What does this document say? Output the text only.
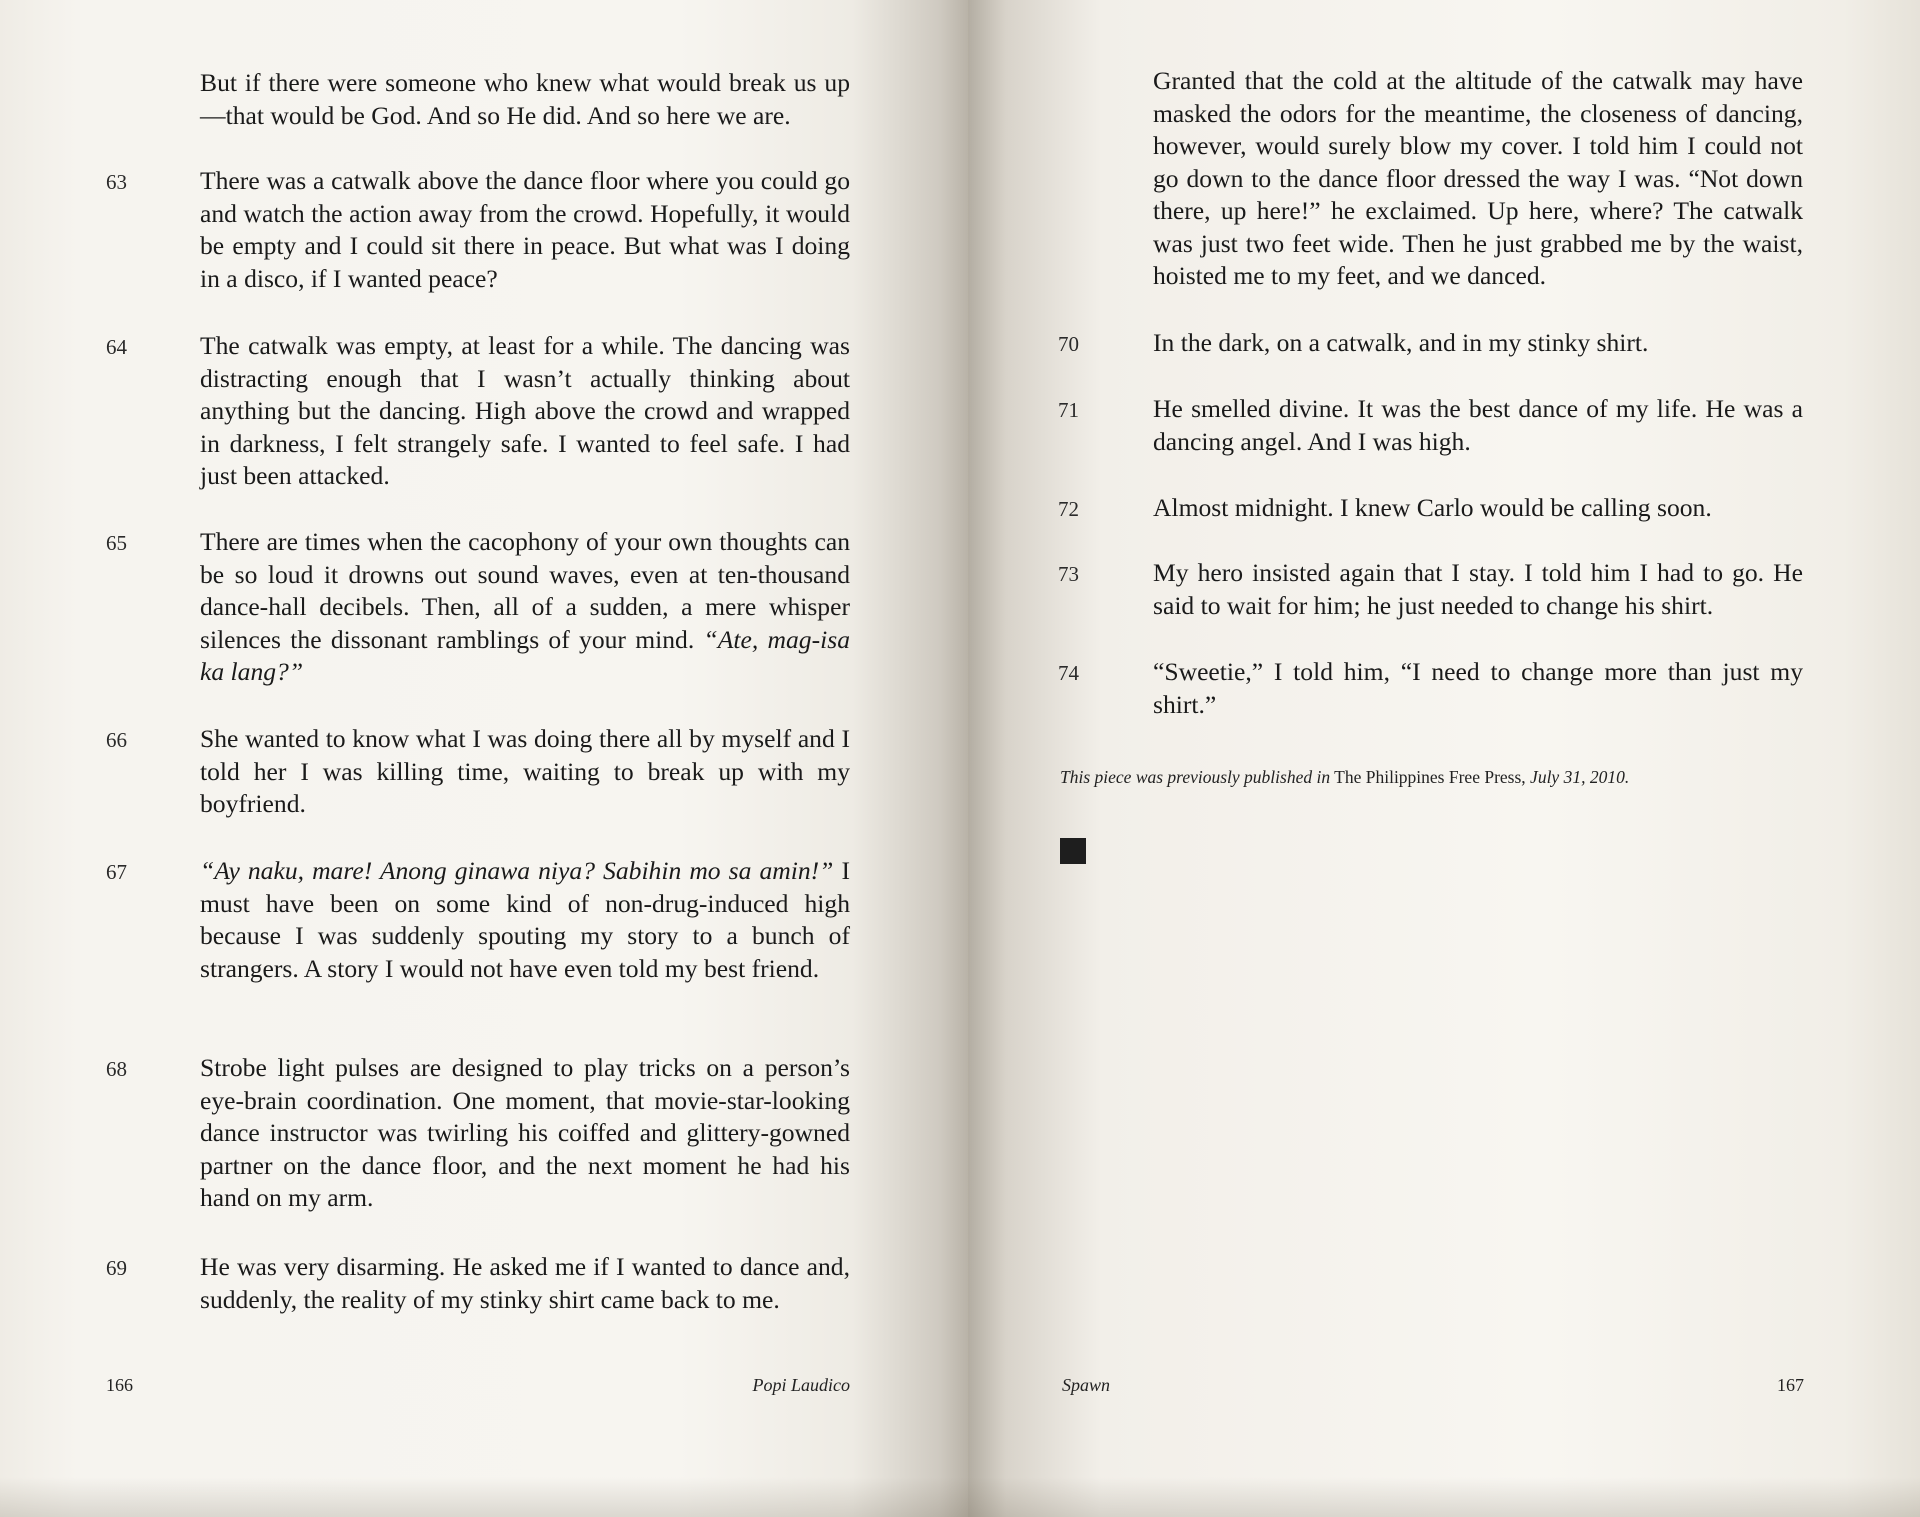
But if there were someone who knew what would break us up—that would be God. And so He did. And so here we are.
63	There was a catwalk above the dance floor where you could go and watch the action away from the crowd. Hopefully, it would be empty and I could sit there in peace. But what was I doing in a disco, if I wanted peace?
64	The catwalk was empty, at least for a while. The dancing was distracting enough that I wasn’t actually thinking about anything but the dancing. High above the crowd and wrapped in darkness, I felt strangely safe. I wanted to feel safe. I had just been attacked.
65	There are times when the cacophony of your own thoughts can be so loud it drowns out sound waves, even at ten-thousand dance-hall decibels. Then, all of a sudden, a mere whisper silences the dissonant ramblings of your mind. “Ate, mag-isa ka lang?”
66	She wanted to know what I was doing there all by myself and I told her I was killing time, waiting to break up with my boyfriend.
67	“Ay naku, mare! Anong ginawa niya? Sabihin mo sa amin!” I must have been on some kind of non-drug-induced high because I was suddenly spouting my story to a bunch of strangers. A story I would not have even told my best friend.
68	Strobe light pulses are designed to play tricks on a person’s eye-brain coordination. One moment, that movie-star-looking dance instructor was twirling his coiffed and glittery-gowned partner on the dance floor, and the next moment he had his hand on my arm.
69	He was very disarming. He asked me if I wanted to dance and, suddenly, the reality of my stinky shirt came back to me.
166	Popi Laudico
Granted that the cold at the altitude of the catwalk may have masked the odors for the meantime, the closeness of dancing, however, would surely blow my cover. I told him I could not go down to the dance floor dressed the way I was. “Not down there, up here!” he exclaimed. Up here, where? The catwalk was just two feet wide. Then he just grabbed me by the waist, hoisted me to my feet, and we danced.
70	In the dark, on a catwalk, and in my stinky shirt.
71	He smelled divine. It was the best dance of my life. He was a dancing angel. And I was high.
72	Almost midnight. I knew Carlo would be calling soon.
73	My hero insisted again that I stay. I told him I had to go. He said to wait for him; he just needed to change his shirt.
74	“Sweetie,” I told him, “I need to change more than just my shirt.”
This piece was previously published in The Philippines Free Press, July 31, 2010.
Spawn	167
